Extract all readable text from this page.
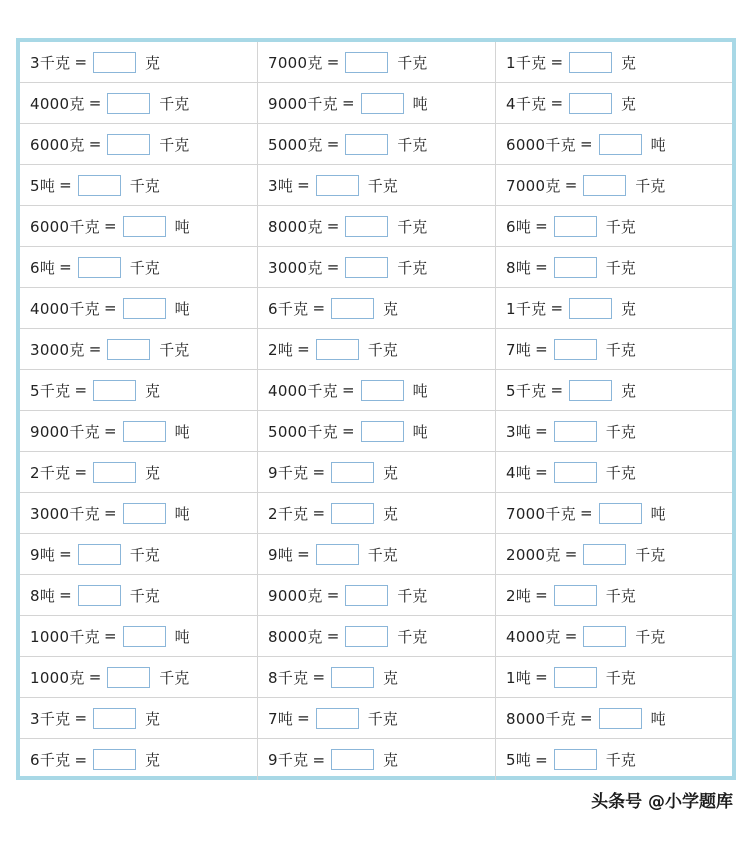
3千克 =	克	7000克 =	千克	1千克 =	克
4000克 =	千克	9000千克 =	吨	4千克 =	克
6000克 =	千克	5000克 =	千克	6000千克 =	吨
5吨 =	千克	3吨 =	千克	7000克 =	千克
6000千克 =	吨	8000克 =	千克	6吨 =	千克
6吨 =	千克	3000克 =	千克	8吨 =	千克
4000千克 =	吨	6千克 =	克	1千克 =	克
3000克 =	千克	2吨 =	千克	7吨 =	千克
5千克 =	克	4000千克 =	吨	5千克 =	克
9000千克 =	吨	5000千克 =	吨	3吨 =	千克
2千克 =	克	9千克 =	克	4吨 =	千克
3000千克 =	吨	2千克 =	克	7000千克 =	吨
9吨 =	千克	9吨 =	千克	2000克 =	千克
8吨 =	千克	9000克 =	千克	2吨 =	千克
1000千克 =	吨	8000克 =	千克	4000克 =	千克
1000克 =	千克	8千克 =	克	1吨 =	千克
3千克 =	克	7吨 =	千克	8000千克 =	吨
6千克 =	克	9千克 =	克	5吨 =	千克
头条号 @小学题库
